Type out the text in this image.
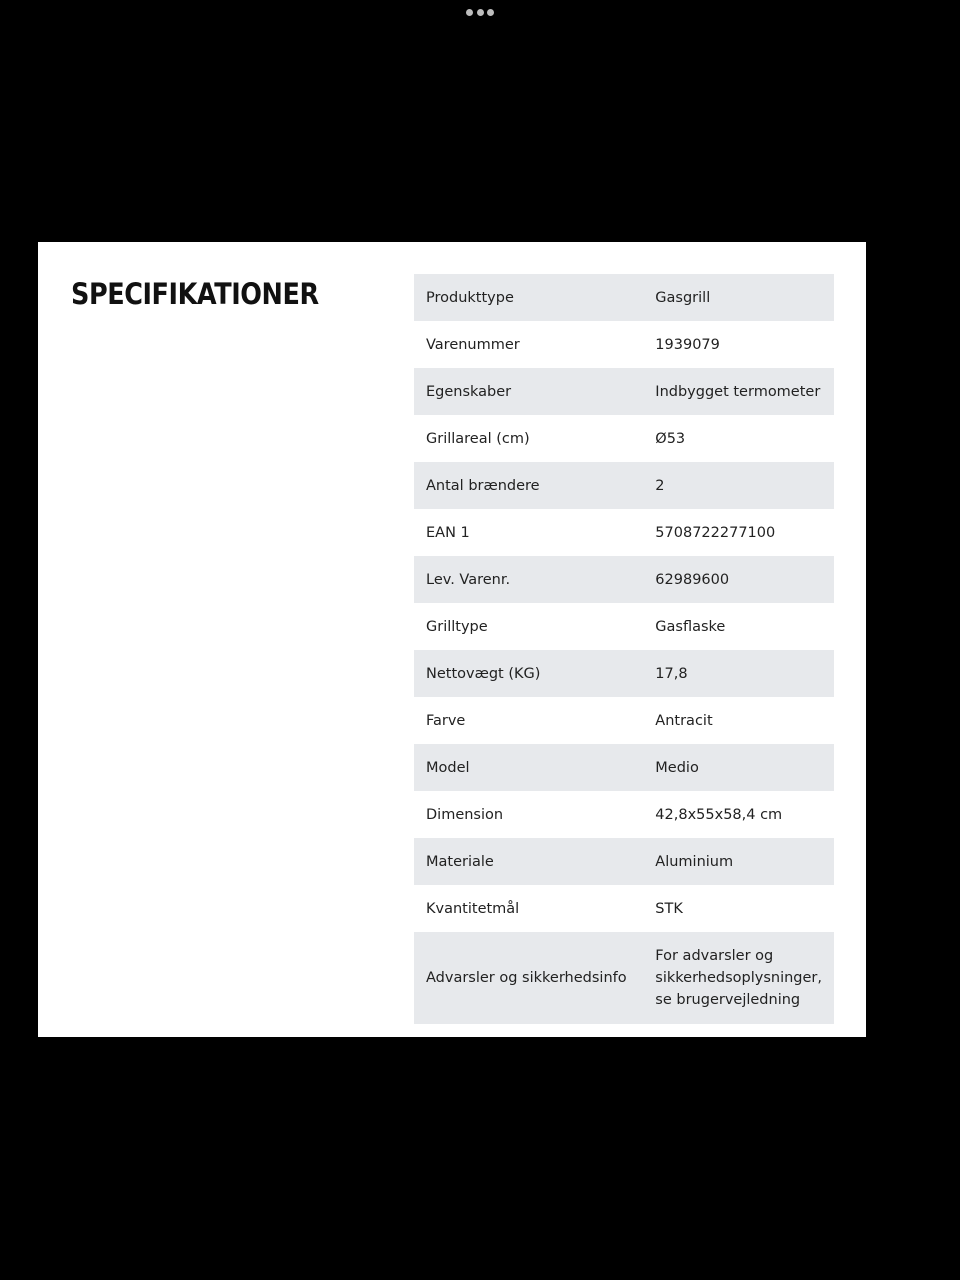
SPECIFIKATIONER	Produkttype	Gasgrill
Varenummer	1939079
Egenskaber	Indbygget termometer
Grillareal (cm)	Ø53
Antal brændere	2
EAN 1	5708722277100
Lev. Varenr.	62989600
Grilltype	Gasflaske
Nettovægt (KG)	17,8
Farve	Antracit
Model	Medio
Dimension	42,8x55x58,4 cm
Materiale	Aluminium
Kvantitetmål	STK
Advarsler og sikkerhedsinfo	For advarsler og sikkerhedsoplysninger, se brugervejledning
